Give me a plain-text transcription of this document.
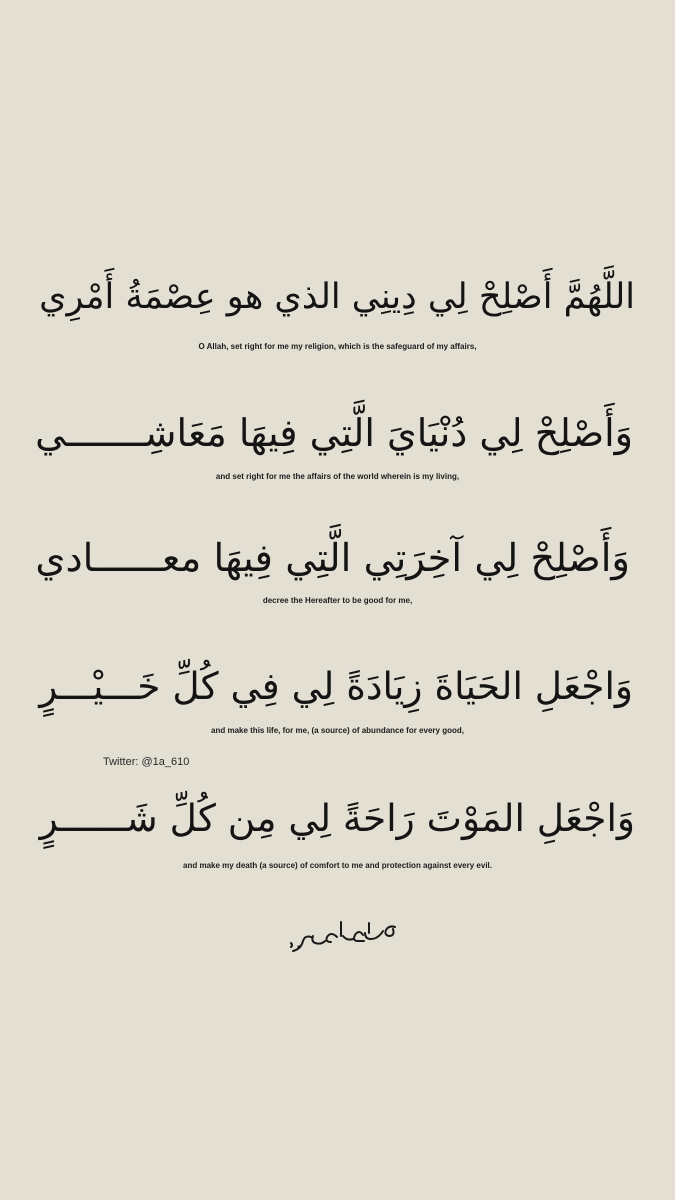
اللَّهُمَّ أَصْلِحْ لِي دِينِي الذي هو عِصْمَةُ أَمْرِي
O Allah, set right for me my religion, which is the safeguard of my affairs,
وَأَصْلِحْ لِي دُنْيَايَ الَّتِي فِيهَا مَعَاشِـــــــي
and set right for me the affairs of the world wherein is my living,
وَأَصْلِحْ لِي آخِرَتِي الَّتِي فِيهَا معــــــادي
decree the Hereafter to be good for me,
وَاجْعَلِ الحَيَاةَ زِيَادَةً لِي فِي كُلِّ خَـــيْـــرٍ
and make this life, for me, (a source) of abundance for every good,
Twitter: @1a_610
وَاجْعَلِ المَوْتَ رَاحَةً لِي مِن كُلِّ شَــــــرٍ
and make my death (a source) of comfort to me and protection against every evil.
